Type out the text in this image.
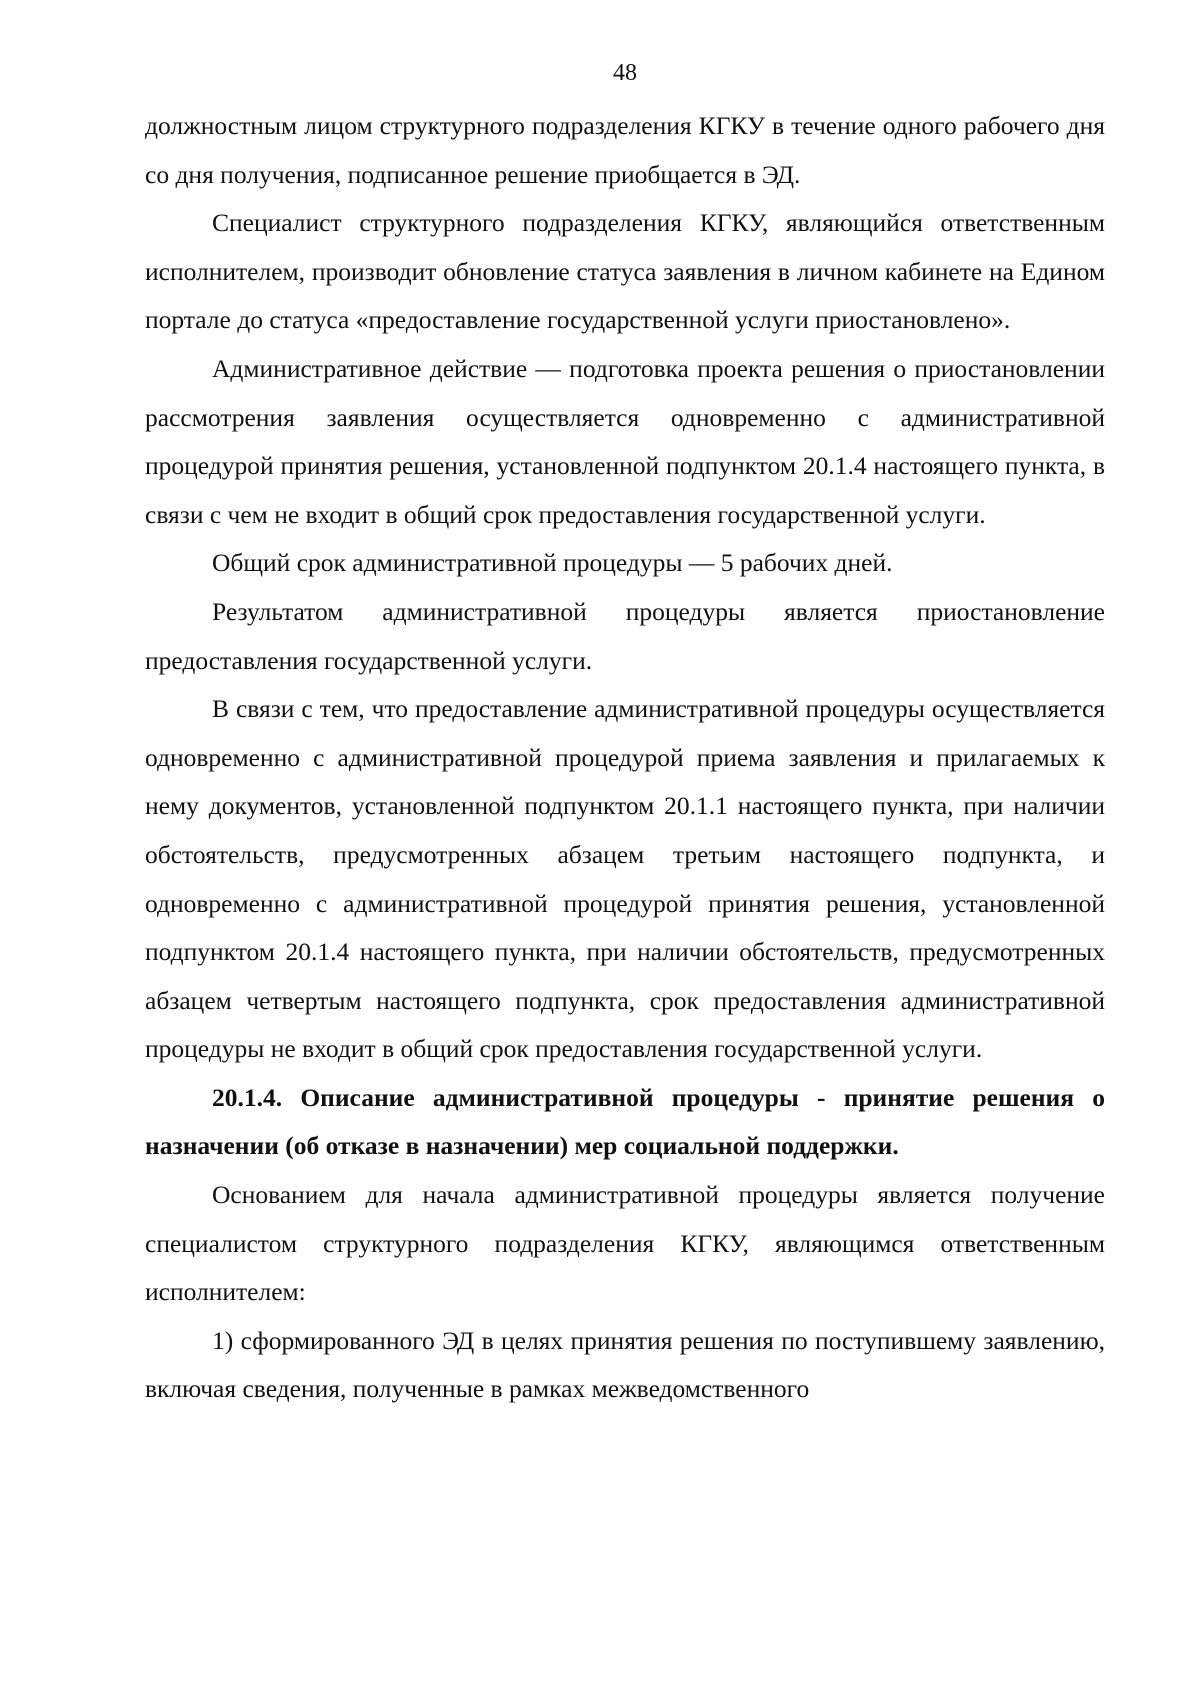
48

должностным лицом структурного подразделения КГКУ в течение одного рабочего дня со дня получения, подписанное решение приобщается в ЭД.

Специалист структурного подразделения КГКУ, являющийся ответственным исполнителем, производит обновление статуса заявления в личном кабинете на Едином портале до статуса «предоставление государственной услуги приостановлено».

Административное действие — подготовка проекта решения о приостановлении рассмотрения заявления осуществляется одновременно с административной процедурой принятия решения, установленной подпунктом 20.1.4 настоящего пункта, в связи с чем не входит в общий срок предоставления государственной услуги.

Общий срок административной процедуры — 5 рабочих дней.

Результатом административной процедуры является приостановление предоставления государственной услуги.

В связи с тем, что предоставление административной процедуры осуществляется одновременно с административной процедурой приема заявления и прилагаемых к нему документов, установленной подпунктом 20.1.1 настоящего пункта, при наличии обстоятельств, предусмотренных абзацем третьим настоящего подпункта, и одновременно с административной процедурой принятия решения, установленной подпунктом 20.1.4 настоящего пункта, при наличии обстоятельств, предусмотренных абзацем четвертым настоящего подпункта, срок предоставления административной процедуры не входит в общий срок предоставления государственной услуги.

20.1.4. Описание административной процедуры - принятие решения о назначении (об отказе в назначении) мер социальной поддержки.

Основанием для начала административной процедуры является получение специалистом структурного подразделения КГКУ, являющимся ответственным исполнителем:

1) сформированного ЭД в целях принятия решения по поступившему заявлению, включая сведения, полученные в рамках межведомственного
